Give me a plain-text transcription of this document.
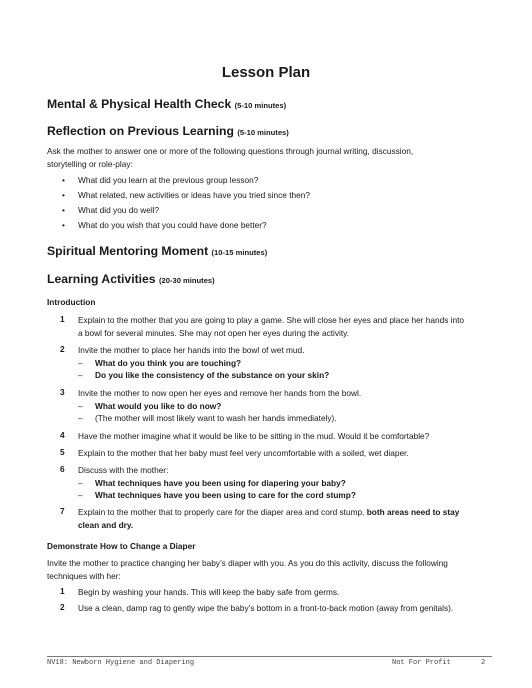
Lesson Plan
Mental & Physical Health Check (5-10 minutes)
Reflection on Previous Learning (5-10 minutes)
Ask the mother to answer one or more of the following questions through journal writing, discussion,
storytelling or role-play:
• What did you learn at the previous group lesson?
• What related, new activities or ideas have you tried since then?
• What did you do well?
• What do you wish that you could have done better?
Spiritual Mentoring Moment (10-15 minutes)
Learning Activities (20-30 minutes)
Introduction
1 Explain to the mother that you are going to play a game. She will close her eyes and place her hands into
a bowl for several minutes. She may not open her eyes during the activity.
2 Invite the mother to place her hands into the bowl of wet mud.
– What do you think you are touching?
– Do you like the consistency of the substance on your skin?
3 Invite the mother to now open her eyes and remove her hands from the bowl.
– What would you like to do now?
– (The mother will most likely want to wash her hands immediately).
4 Have the mother imagine what it would be like to be sitting in the mud. Would it be comfortable?
5 Explain to the mother that her baby must feel very uncomfortable with a soiled, wet diaper.
6 Discuss with the mother:
– What techniques have you been using for diapering your baby?
– What techniques have you been using to care for the cord stump?
7 Explain to the mother that to properly care for the diaper area and cord stump, both areas need to stay
clean and dry.
Demonstrate How to Change a Diaper
Invite the mother to practice changing her baby’s diaper with you. As you do this activity, discuss the following
techniques with her:
1 Begin by washing your hands. This will keep the baby safe from germs.
2 Use a clean, damp rag to gently wipe the baby’s bottom in a front-to-back motion (away from genitals).
NV18: Newborn Hygiene and Diapering	Not For Profit	2
